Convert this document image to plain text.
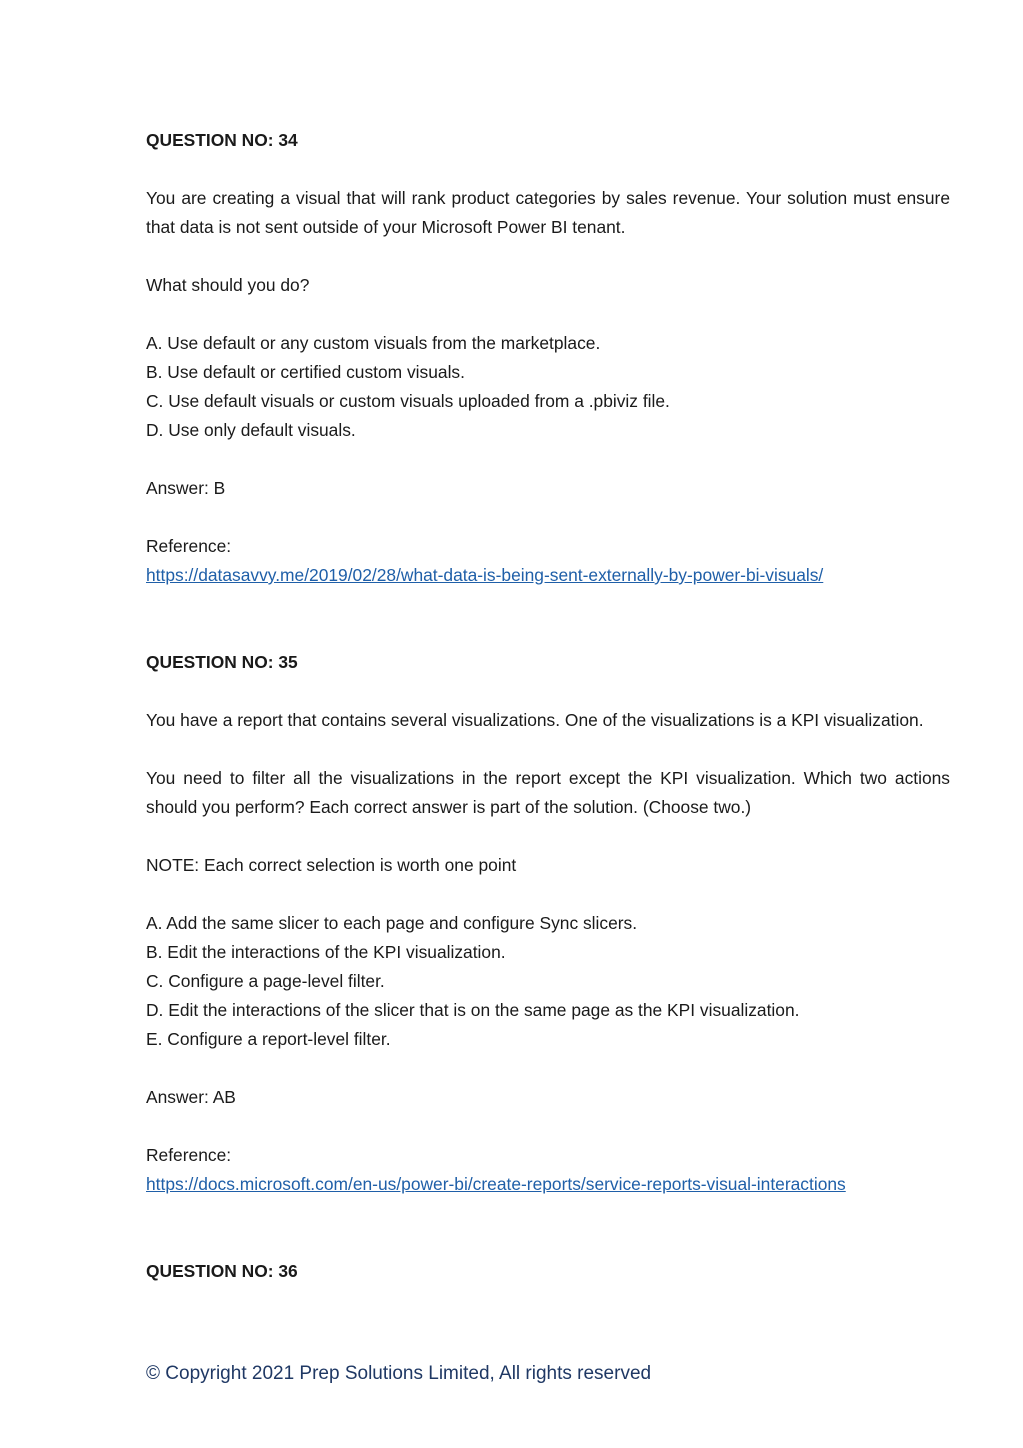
QUESTION NO: 34

You are creating a visual that will rank product categories by sales revenue. Your solution must ensure that data is not sent outside of your Microsoft Power BI tenant.

What should you do?

A. Use default or any custom visuals from the marketplace.
B. Use default or certified custom visuals.
C. Use default visuals or custom visuals uploaded from a .pbiviz file.
D. Use only default visuals.

Answer: B

Reference:

https://datasavvy.me/2019/02/28/what-data-is-being-sent-externally-by-power-bi-visuals/

QUESTION NO: 35

You have a report that contains several visualizations. One of the visualizations is a KPI visualization.

You need to filter all the visualizations in the report except the KPI visualization. Which two actions should you perform? Each correct answer is part of the solution. (Choose two.)

NOTE: Each correct selection is worth one point

A. Add the same slicer to each page and configure Sync slicers.
B. Edit the interactions of the KPI visualization.
C. Configure a page-level filter.
D. Edit the interactions of the slicer that is on the same page as the KPI visualization.
E. Configure a report-level filter.

Answer: AB

Reference:

https://docs.microsoft.com/en-us/power-bi/create-reports/service-reports-visual-interactions

QUESTION NO: 36

© Copyright 2021 Prep Solutions Limited, All rights reserved
